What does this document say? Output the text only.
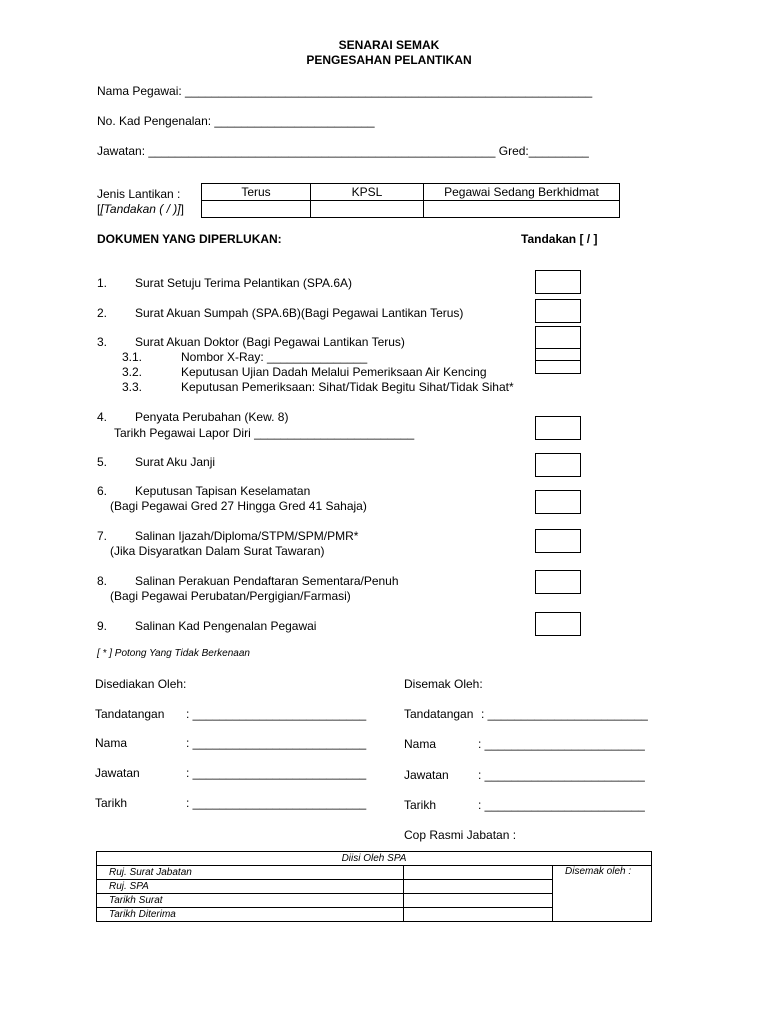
SENARAI SEMAK
PENGESAHAN PELANTIKAN
Nama Pegawai: _____________________________________________________________
No. Kad Pengenalan: ________________________
Jawatan: ____________________________________________________ Gred:_________
Jenis Lantikan :
[[Tandakan ( / )]]
Terus	KPSL	Pegawai Sedang Berkhidmat

DOKUMEN YANG DIPERLUKAN:	Tandakan [ / ]
1. Surat Setuju Terima Pelantikan (SPA.6A)
2. Surat Akuan Sumpah (SPA.6B)(Bagi Pegawai Lantikan Terus)
3. Surat Akuan Doktor (Bagi Pegawai Lantikan Terus)
3.1.	Nombor X-Ray: _______________
3.2.	Keputusan Ujian Dadah Melalui Pemeriksaan Air Kencing
3.3.	Keputusan Pemeriksaan: Sihat/Tidak Begitu Sihat/Tidak Sihat*
4. Penyata Perubahan (Kew. 8)
Tarikh Pegawai Lapor Diri ________________________
5. Surat Aku Janji
6. Keputusan Tapisan Keselamatan
(Bagi Pegawai Gred 27 Hingga Gred 41 Sahaja)
7. Salinan Ijazah/Diploma/STPM/SPM/PMR*
(Jika Disyaratkan Dalam Surat Tawaran)
8. Salinan Perakuan Pendaftaran Sementara/Penuh
(Bagi Pegawai Perubatan/Pergigian/Farmasi)
9. Salinan Kad Pengenalan Pegawai
[ * ] Potong Yang Tidak Berkenaan
Disediakan Oleh:
Tandatangan : __________________________
Nama	: __________________________
Jawatan	: __________________________
Tarikh	: __________________________
Disemak Oleh:
Tandatangan : ________________________
Nama	: ________________________
Jawatan : ________________________
Tarikh	: ________________________
Cop Rasmi Jabatan :
Diisi Oleh SPA		
Ruj. Surat Jabatan		Disemak oleh :
Ruj. SPA		
Tarikh Surat		
Tarikh Diterima		
